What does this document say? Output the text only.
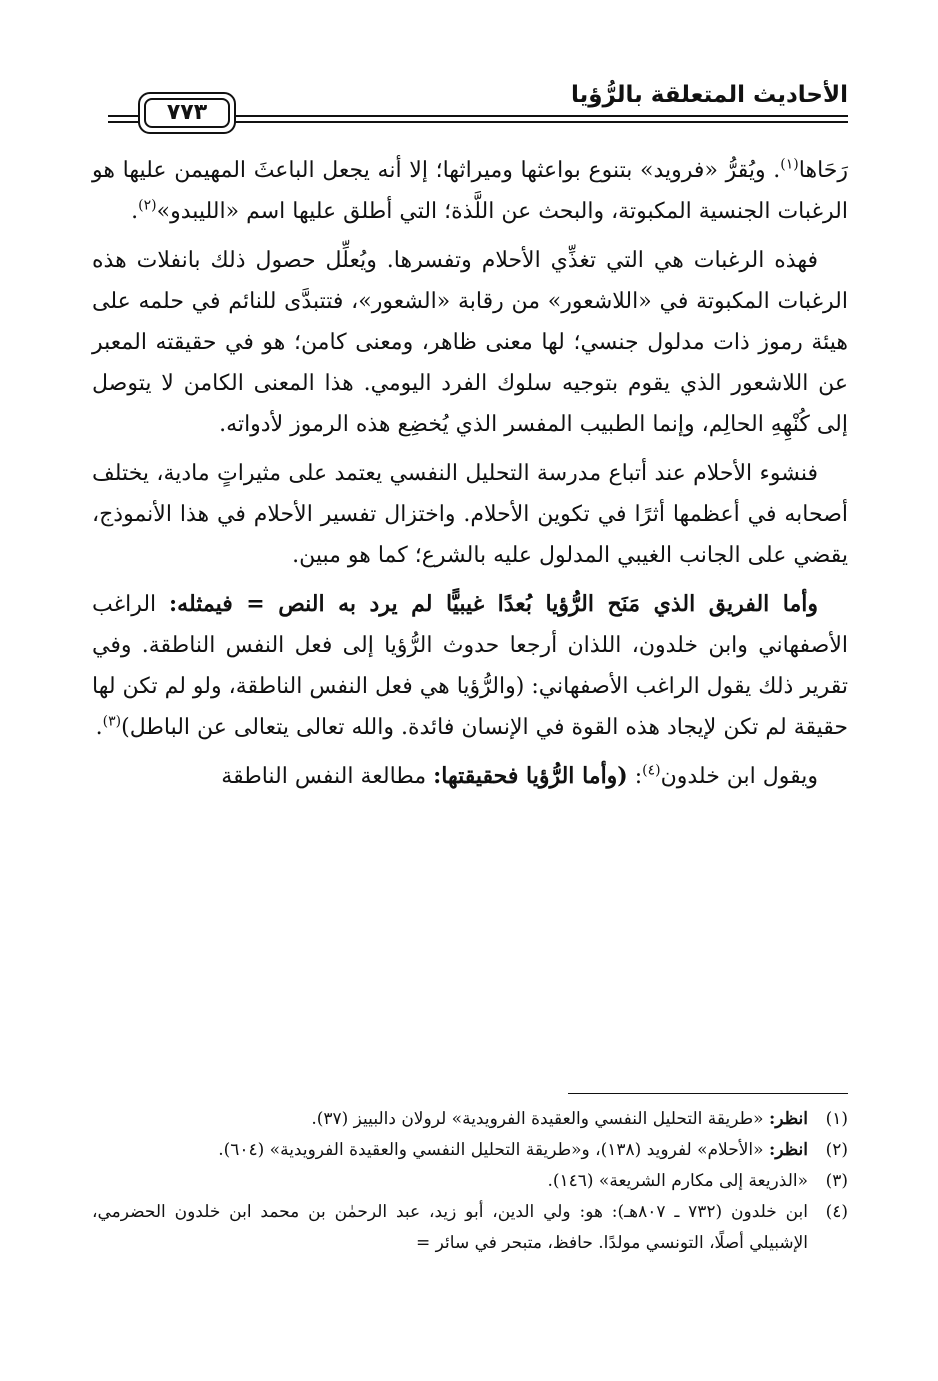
الأحاديث المتعلقة بالرُّؤيا
٧٧٣

رَحَاها$^{(١)}$. ويُقرُّ «فرويد» بتنوع بواعثها وميراثها؛ إلا أنه يجعل الباعثَ المهيمن عليها هو الرغبات الجنسية المكبوتة، والبحث عن اللَّذة؛ التي أطلق عليها اسم «الليبدو»$^{(٢)}$.

فهذه الرغبات هي التي تغذِّي الأحلام وتفسرها. ويُعلِّل حصول ذلك بانفلات هذه الرغبات المكبوتة في «اللاشعور» من رقابة «الشعور»، فتتبدَّى للنائم في حلمه على هيئة رموز ذات مدلول جنسي؛ لها معنى ظاهر، ومعنى كامن؛ هو في حقيقته المعبر عن اللاشعور الذي يقوم بتوجيه سلوك الفرد اليومي. هذا المعنى الكامن لا يتوصل إلى كُنْهِهِ الحالِم، وإنما الطبيب المفسر الذي يُخضِع هذه الرموز لأدواته.

فنشوء الأحلام عند أتباع مدرسة التحليل النفسي يعتمد على مثيراتٍ مادية، يختلف أصحابه في أعظمها أثرًا في تكوين الأحلام. واختزال تفسير الأحلام في هذا الأنموذج، يقضي على الجانب الغيبي المدلول عليه بالشرع؛ كما هو مبين.

وأما الفريق الذي مَنَح الرُّؤيا بُعدًا غيبيًّا لم يرد به النص = فيمثله: الراغب الأصفهاني وابن خلدون، اللذان أرجعا حدوث الرُّؤيا إلى فعل النفس الناطقة. وفي تقرير ذلك يقول الراغب الأصفهاني: (والرُّؤيا هي فعل النفس الناطقة، ولو لم تكن لها حقيقة لم تكن لإيجاد هذه القوة في الإنسان فائدة. والله تعالى يتعالى عن الباطل)$^{(٣)}$.

ويقول ابن خلدون$^{(٤)}$: (وأما الرُّؤيا فحقيقتها: مطالعة النفس الناطقة

(١)
انظر: «طريقة التحليل النفسي والعقيدة الفرويدية» لرولان دالبييز (٣٧).
(٢)
انظر: «الأحلام» لفرويد (١٣٨)، و«طريقة التحليل النفسي والعقيدة الفرويدية» (٦٠٤).
(٣)
«الذريعة إلى مكارم الشريعة» (١٤٦).
(٤)
ابن خلدون (٧٣٢ ـ ٨٠٧هـ): هو: ولي الدين، أبو زيد، عبد الرحمٰن بن محمد ابن خلدون الحضرمي، الإشبيلي أصلًا، التونسي مولدًا. حافظ، متبحر في سائر =
